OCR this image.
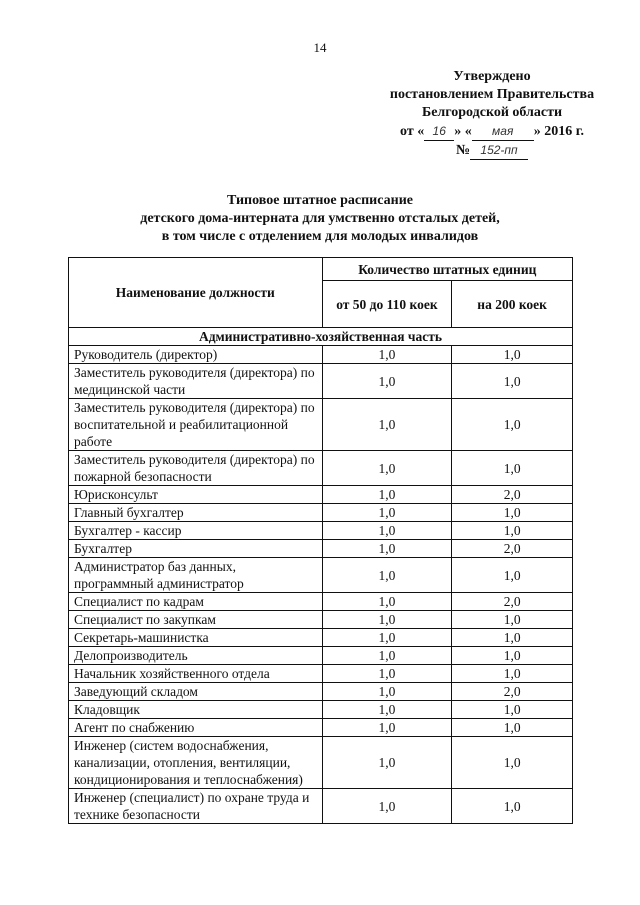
14
Утверждено
постановлением Правительства
Белгородской области
от « 16 » « мая » 2016 г.
№ 152-пп
Типовое штатное расписание
детского дома-интерната для умственно отсталых детей,
в том числе с отделением для молодых инвалидов
Наименование должности	Количество штатных единиц	
	от 50 до 110 коек	на 200 коек
Административно-хозяйственная часть		
Руководитель (директор)	1,0	1,0
Заместитель руководителя (директора) по медицинской части	1,0	1,0
Заместитель руководителя (директора) по воспитательной и реабилитационной работе	1,0	1,0
Заместитель руководителя (директора) по пожарной безопасности	1,0	1,0
Юрисконсульт	1,0	2,0
Главный бухгалтер	1,0	1,0
Бухгалтер - кассир	1,0	1,0
Бухгалтер	1,0	2,0
Администратор баз данных, программный администратор	1,0	1,0
Специалист по кадрам	1,0	2,0
Специалист по закупкам	1,0	1,0
Секретарь-машинистка	1,0	1,0
Делопроизводитель	1,0	1,0
Начальник хозяйственного отдела	1,0	1,0
Заведующий складом	1,0	2,0
Кладовщик	1,0	1,0
Агент по снабжению	1,0	1,0
Инженер (систем водоснабжения, канализации, отопления, вентиляции, кондиционирования и теплоснабжения)	1,0	1,0
Инженер (специалист) по охране труда и технике безопасности	1,0	1,0
